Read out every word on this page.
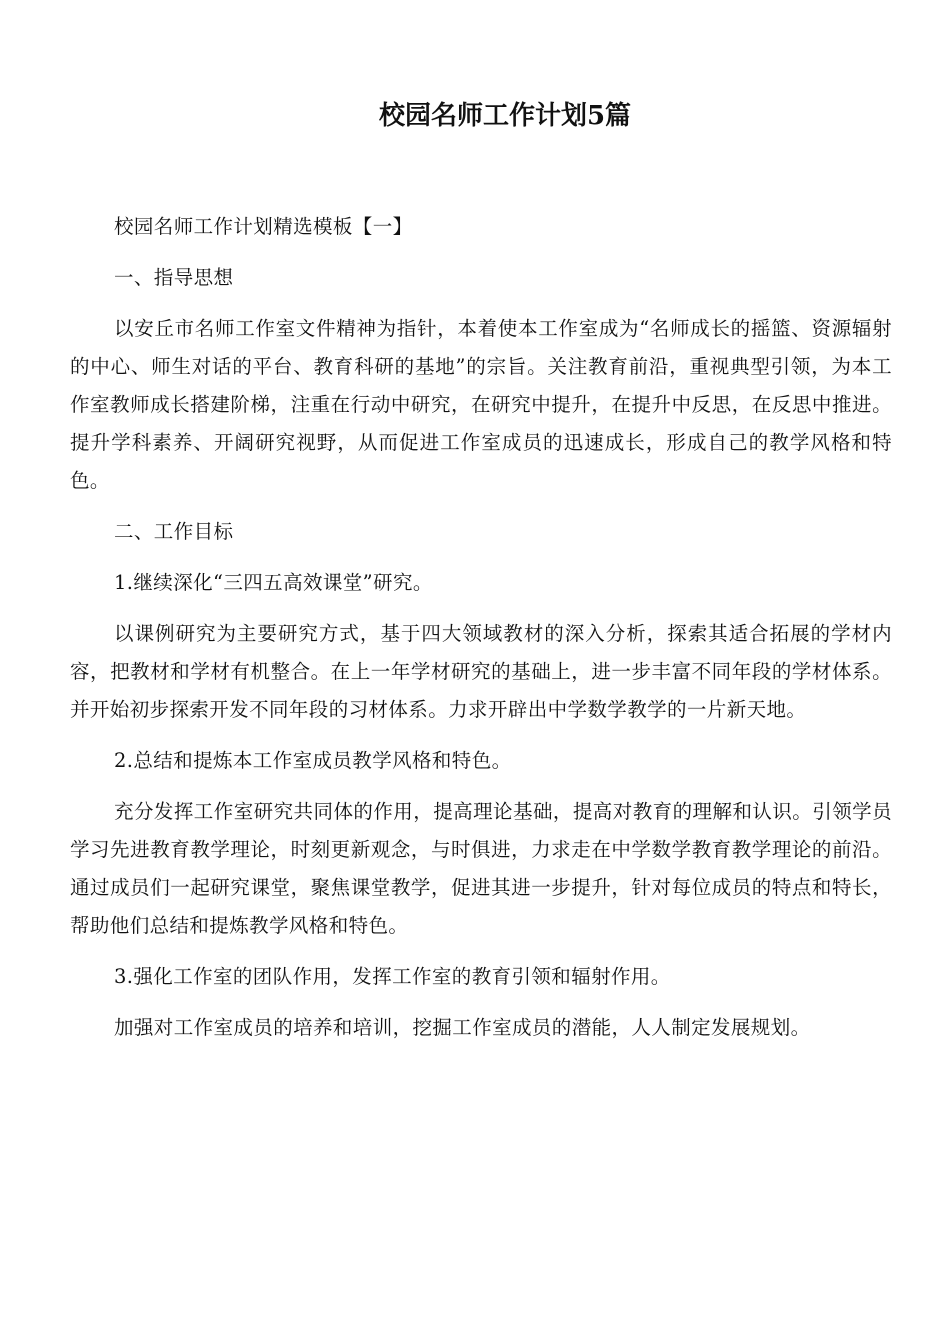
校园名师工作计划5篇

校园名师工作计划精选模板【一】

一、指导思想

以安丘市名师工作室文件精神为指针，本着使本工作室成为“名师成长的摇篮、资源辐射的中心、师生对话的平台、教育科研的基地”的宗旨。关注教育前沿，重视典型引领，为本工作室教师成长搭建阶梯，注重在行动中研究，在研究中提升，在提升中反思，在反思中推进。提升学科素养、开阔研究视野，从而促进工作室成员的迅速成长，形成自己的教学风格和特色。

二、工作目标

1.继续深化“三四五高效课堂”研究。

以课例研究为主要研究方式，基于四大领域教材的深入分析，探索其适合拓展的学材内容，把教材和学材有机整合。在上一年学材研究的基础上，进一步丰富不同年段的学材体系。并开始初步探索开发不同年段的习材体系。力求开辟出中学数学教学的一片新天地。

2.总结和提炼本工作室成员教学风格和特色。

充分发挥工作室研究共同体的作用，提高理论基础，提高对教育的理解和认识。引领学员学习先进教育教学理论，时刻更新观念，与时俱进，力求走在中学数学教育教学理论的前沿。通过成员们一起研究课堂，聚焦课堂教学，促进其进一步提升，针对每位成员的特点和特长，帮助他们总结和提炼教学风格和特色。

3.强化工作室的团队作用，发挥工作室的教育引领和辐射作用。

加强对工作室成员的培养和培训，挖掘工作室成员的潜能，人人制定发展规划。
